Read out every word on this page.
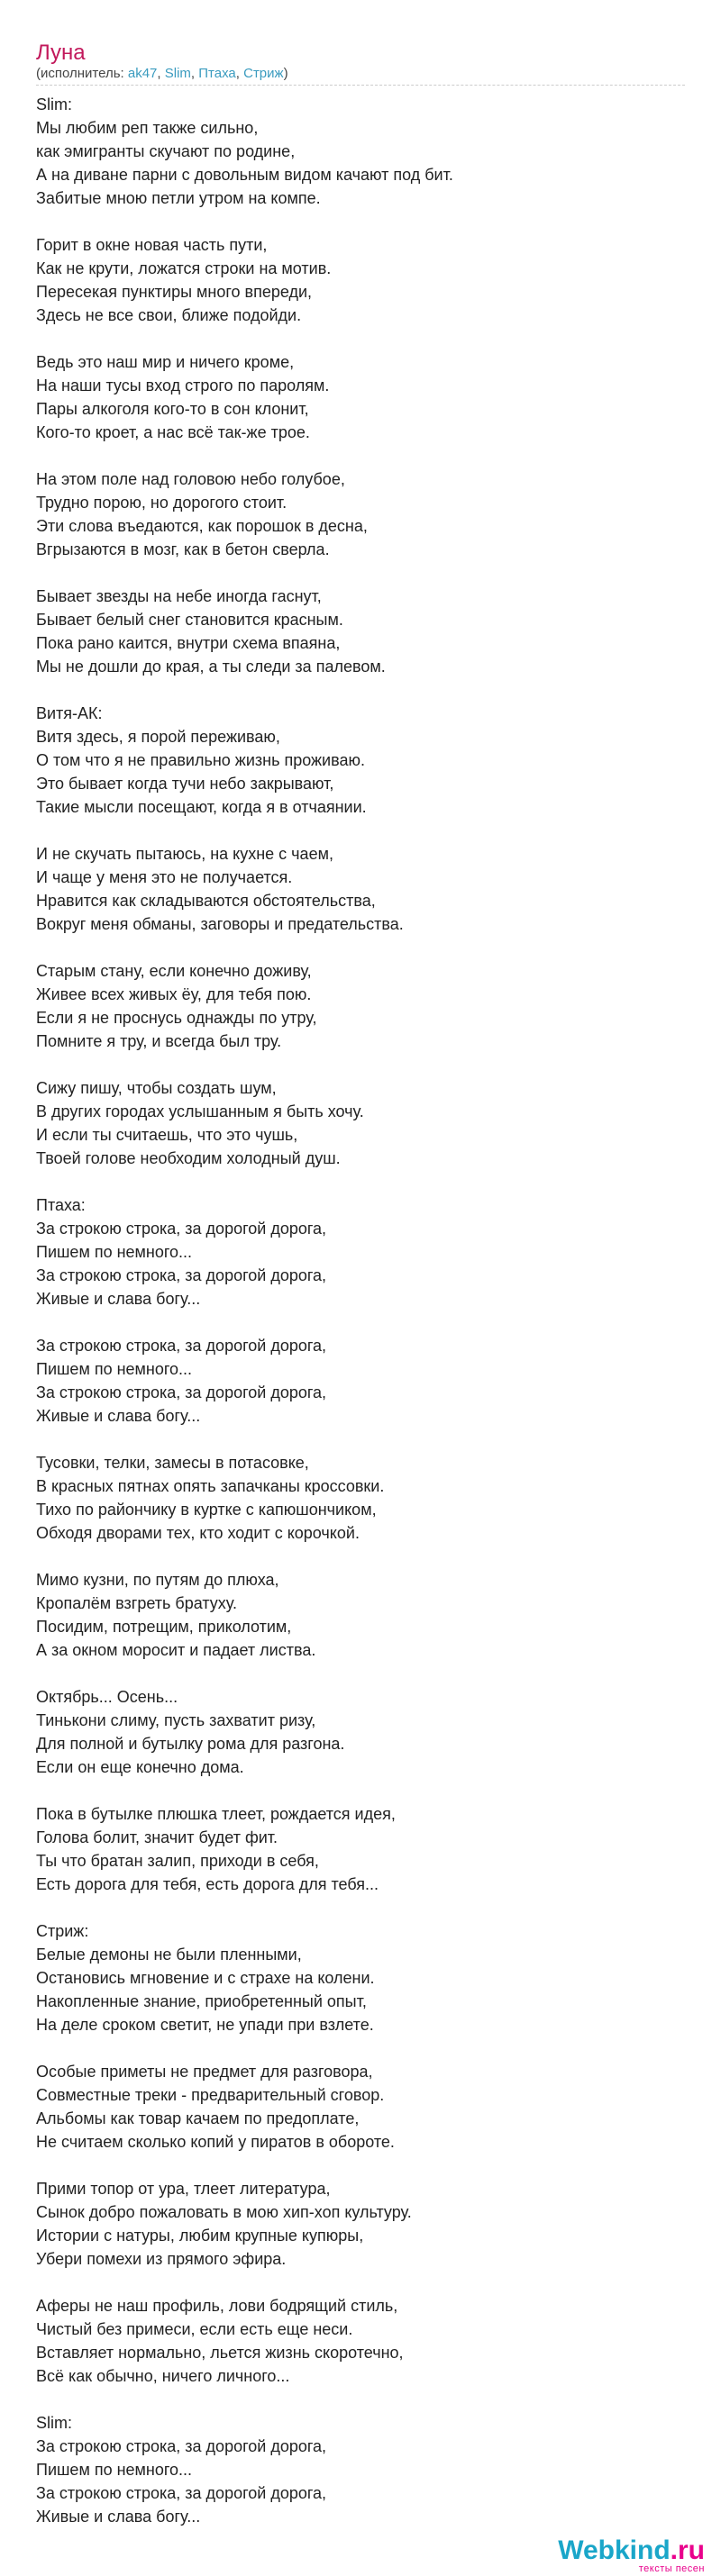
Луна
(исполнитель: ak47, Slim, Птаха, Стриж)
Slim:
Мы любим реп также сильно,
как эмигранты скучают по родине,
А на диване парни с довольным видом качают под бит.
Забитые мною петли утром на компе.
Горит в окне новая часть пути,
Как не крути, ложатся строки на мотив.
Пересекая пунктиры много впереди,
Здесь не все свои, ближе подойди.
Ведь это наш мир и ничего кроме,
На наши тусы вход строго по паролям.
Пары алкоголя кого-то в сон клонит,
Кого-то кроет, а нас всё так-же трое.
На этом поле над головою небо голубое,
Трудно порою, но дорогого стоит.
Эти слова въедаются, как порошок в десна,
Вгрызаются в мозг, как в бетон сверла.
Бывает звезды на небе иногда гаснут,
Бывает белый снег становится красным.
Пока рано каится, внутри схема впаяна,
Мы не дошли до края, а ты следи за палевом.
Витя-АК:
Витя здесь, я порой переживаю,
О том что я не правильно жизнь проживаю.
Это бывает когда тучи небо закрывают,
Такие мысли посещают, когда я в отчаянии.
И не скучать пытаюсь, на кухне с чаем,
И чаще у меня это не получается.
Нравится как складываются обстоятельства,
Вокруг меня обманы, заговоры и предательства.
Старым стану, если конечно доживу,
Живее всех живых ёу, для тебя пою.
Если я не проснусь однажды по утру,
Помните я тру, и всегда был тру.
Сижу пишу, чтобы создать шум,
В других городах услышанным я быть хочу.
И если ты считаешь, что это чушь,
Твоей голове необходим холодный душ.
Птаха:
За строкою строка, за дорогой дорога,
Пишем по немного...
За строкою строка, за дорогой дорога,
Живые и слава богу...
За строкою строка, за дорогой дорога,
Пишем по немного...
За строкою строка, за дорогой дорога,
Живые и слава богу...
Тусовки, телки, замесы в потасовке,
В красных пятнах опять запачканы кроссовки.
Тихо по райончику в куртке с капюшончиком,
Обходя дворами тех, кто ходит с корочкой.
Мимо кузни, по путям до плюха,
Кропалём взгреть братуху.
Посидим, потрещим, приколотим,
А за окном моросит и падает листва.
Октябрь... Осень...
Тинькони слиму, пусть захватит ризу,
Для полной и бутылку рома для разгона.
Если он еще конечно дома.
Пока в бутылке плюшка тлеет, рождается идея,
Голова болит, значит будет фит.
Ты что братан залип, приходи в себя,
Есть дорога для тебя, есть дорога для тебя...
Стриж:
Белые демоны не были пленными,
Остановись мгновение и с страхе на колени.
Накопленные знание, приобретенный опыт,
На деле сроком светит, не упади при взлете.
Особые приметы не предмет для разговора,
Совместные треки - предварительный сговор.
Альбомы как товар качаем по предоплате,
Не считаем сколько копий у пиратов в обороте.
Прими топор от ура, тлеет литература,
Сынок добро пожаловать в мою хип-хоп культуру.
Истории с натуры, любим крупные купюры,
Убери помехи из прямого эфира.
Аферы не наш профиль, лови бодрящий стиль,
Чистый без примеси, если есть еще неси.
Вставляет нормально, льется жизнь скоротечно,
Всё как обычно, ничего личного...
Slim:
За строкою строка, за дорогой дорога,
Пишем по немного...
За строкою строка, за дорогой дорога,
Живые и слава богу...
Webkind.ru
тексты песен
